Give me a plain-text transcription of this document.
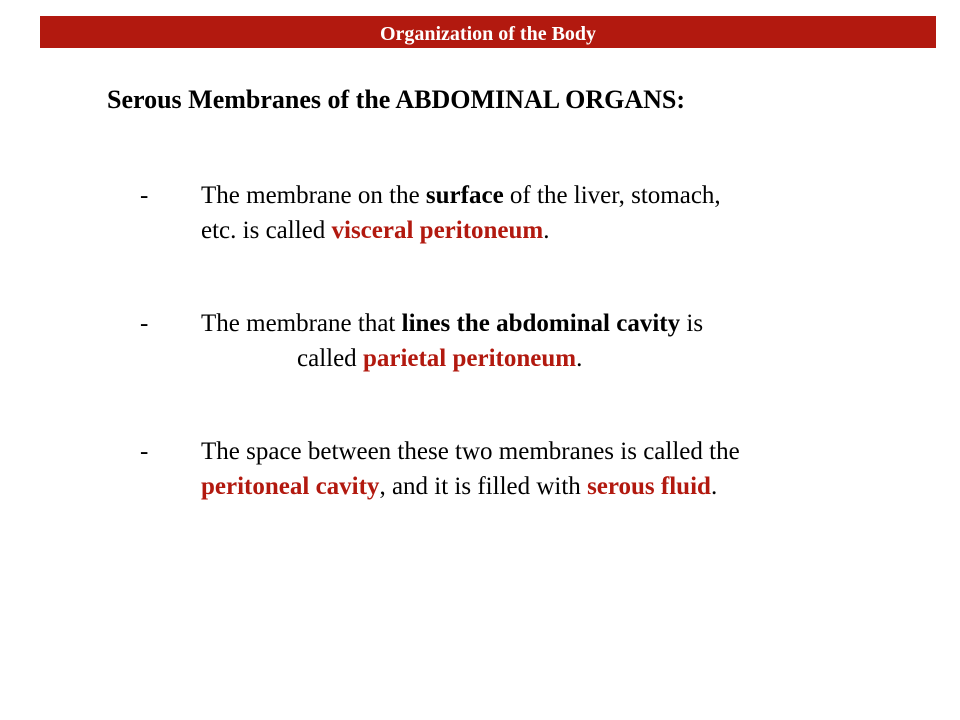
Organization of the Body
Serous Membranes of the ABDOMINAL ORGANS:
- The membrane on the surface of the liver, stomach,
etc. is called visceral peritoneum.
- The membrane that lines the abdominal cavity is
called parietal peritoneum.
- The space between these two membranes is called the
peritoneal cavity, and it is filled with serous fluid.
